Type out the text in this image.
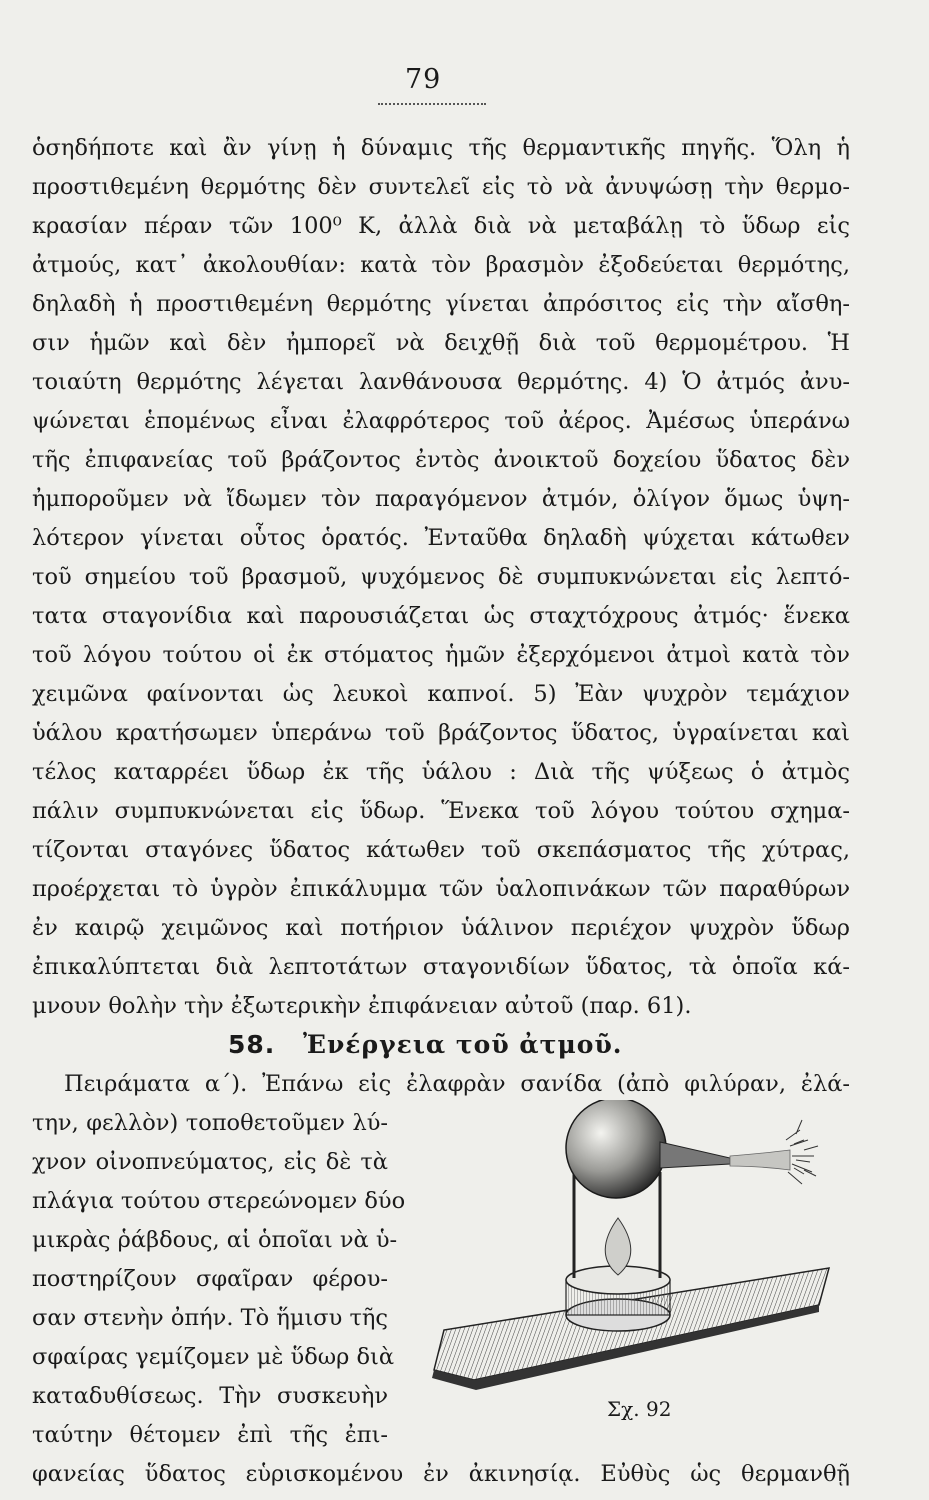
79
ὁσηδήποτε καὶ ἂν γίνῃ ἡ δύναμις τῆς θερμαντικῆς πηγῆς. Ὅλη ἡ
προστιθεμένη θερμότης δὲν συντελεῖ εἰς τὸ νὰ ἀνυψώσῃ τὴν θερμο-
κρασίαν πέραν τῶν 100⁰ Κ, ἀλλὰ διὰ νὰ μεταβάλῃ τὸ ὕδωρ εἰς
ἀτμούς, κατ᾿ ἀκολουθίαν: κατὰ τὸν βρασμὸν ἐξοδεύεται θερμότης,
δηλαδὴ ἡ προστιθεμένη θερμότης γίνεται ἀπρόσιτος εἰς τὴν αἴσθη-
σιν ἡμῶν καὶ δὲν ἠμπορεῖ νὰ δειχθῇ διὰ τοῦ θερμομέτρου. Ἡ
τοιαύτη θερμότης λέγεται λανθάνουσα θερμότης. 4) Ὁ ἀτμός ἀνυ-
ψώνεται ἑπομένως εἶναι ἐλαφρότερος τοῦ ἀέρος. Ἀμέσως ὑπεράνω
τῆς ἐπιφανείας τοῦ βράζοντος ἐντὸς ἀνοικτοῦ δοχείου ὕδατος δὲν
ἠμποροῦμεν νὰ ἴδωμεν τὸν παραγόμενον ἀτμόν, ὀλίγον ὅμως ὑψη-
λότερον γίνεται οὗτος ὁρατός. Ἐνταῦθα δηλαδὴ ψύχεται κάτωθεν
τοῦ σημείου τοῦ βρασμοῦ, ψυχόμενος δὲ συμπυκνώνεται εἰς λεπτό-
τατα σταγονίδια καὶ παρουσιάζεται ὡς σταχτόχρους ἀτμός· ἕνεκα
τοῦ λόγου τούτου οἱ ἐκ στόματος ἡμῶν ἐξερχόμενοι ἀτμοὶ κατὰ τὸν
χειμῶνα φαίνονται ὡς λευκοὶ καπνοί. 5) Ἐὰν ψυχρὸν τεμάχιον
ὑάλου κρατήσωμεν ὑπεράνω τοῦ βράζοντος ὕδατος, ὑγραίνεται καὶ
τέλος καταρρέει ὕδωρ ἐκ τῆς ὑάλου : Διὰ τῆς ψύξεως ὁ ἀτμὸς
πάλιν συμπυκνώνεται εἰς ὕδωρ. Ἕνεκα τοῦ λόγου τούτου σχημα-
τίζονται σταγόνες ὕδατος κάτωθεν τοῦ σκεπάσματος τῆς χύτρας,
προέρχεται τὸ ὑγρὸν ἐπικάλυμμα τῶν ὑαλοπινάκων τῶν παραθύρων
ἐν καιρῷ χειμῶνος καὶ ποτήριον ὑάλινον περιέχον ψυχρὸν ὕδωρ
ἐπικαλύπτεται διὰ λεπτοτάτων σταγονιδίων ὕδατος, τὰ ὁποῖα κά-
μνουν θολὴν τὴν ἐξωτερικὴν ἐπιφάνειαν αὐτοῦ (παρ. 61).
58. Ἐνέργεια τοῦ ἀτμοῦ.
Πειράματα α΄). Ἐπάνω εἰς ἐλαφρὰν σανίδα (ἀπὸ φιλύραν, ἐλά-
την, φελλὸν) τοποθετοῦμεν λύ-
χνον οἰνοπνεύματος, εἰς δὲ τὰ
πλάγια τούτου στερεώνομεν δύο
μικρὰς ῥάβδους, αἱ ὁποῖαι νὰ ὑ-
ποστηρίζουν σφαῖραν φέρου-
σαν στενὴν ὀπήν. Τὸ ἥμισυ τῆς
σφαίρας γεμίζομεν μὲ ὕδωρ διὰ
καταδυθίσεως. Τὴν συσκευὴν
ταύτην θέτομεν ἐπὶ τῆς ἐπι-
φανείας ὕδατος εὑρισκομένου ἐν ἀκινησίᾳ. Εὐθὺς ὡς θερμανθῇ
Σχ. 92
